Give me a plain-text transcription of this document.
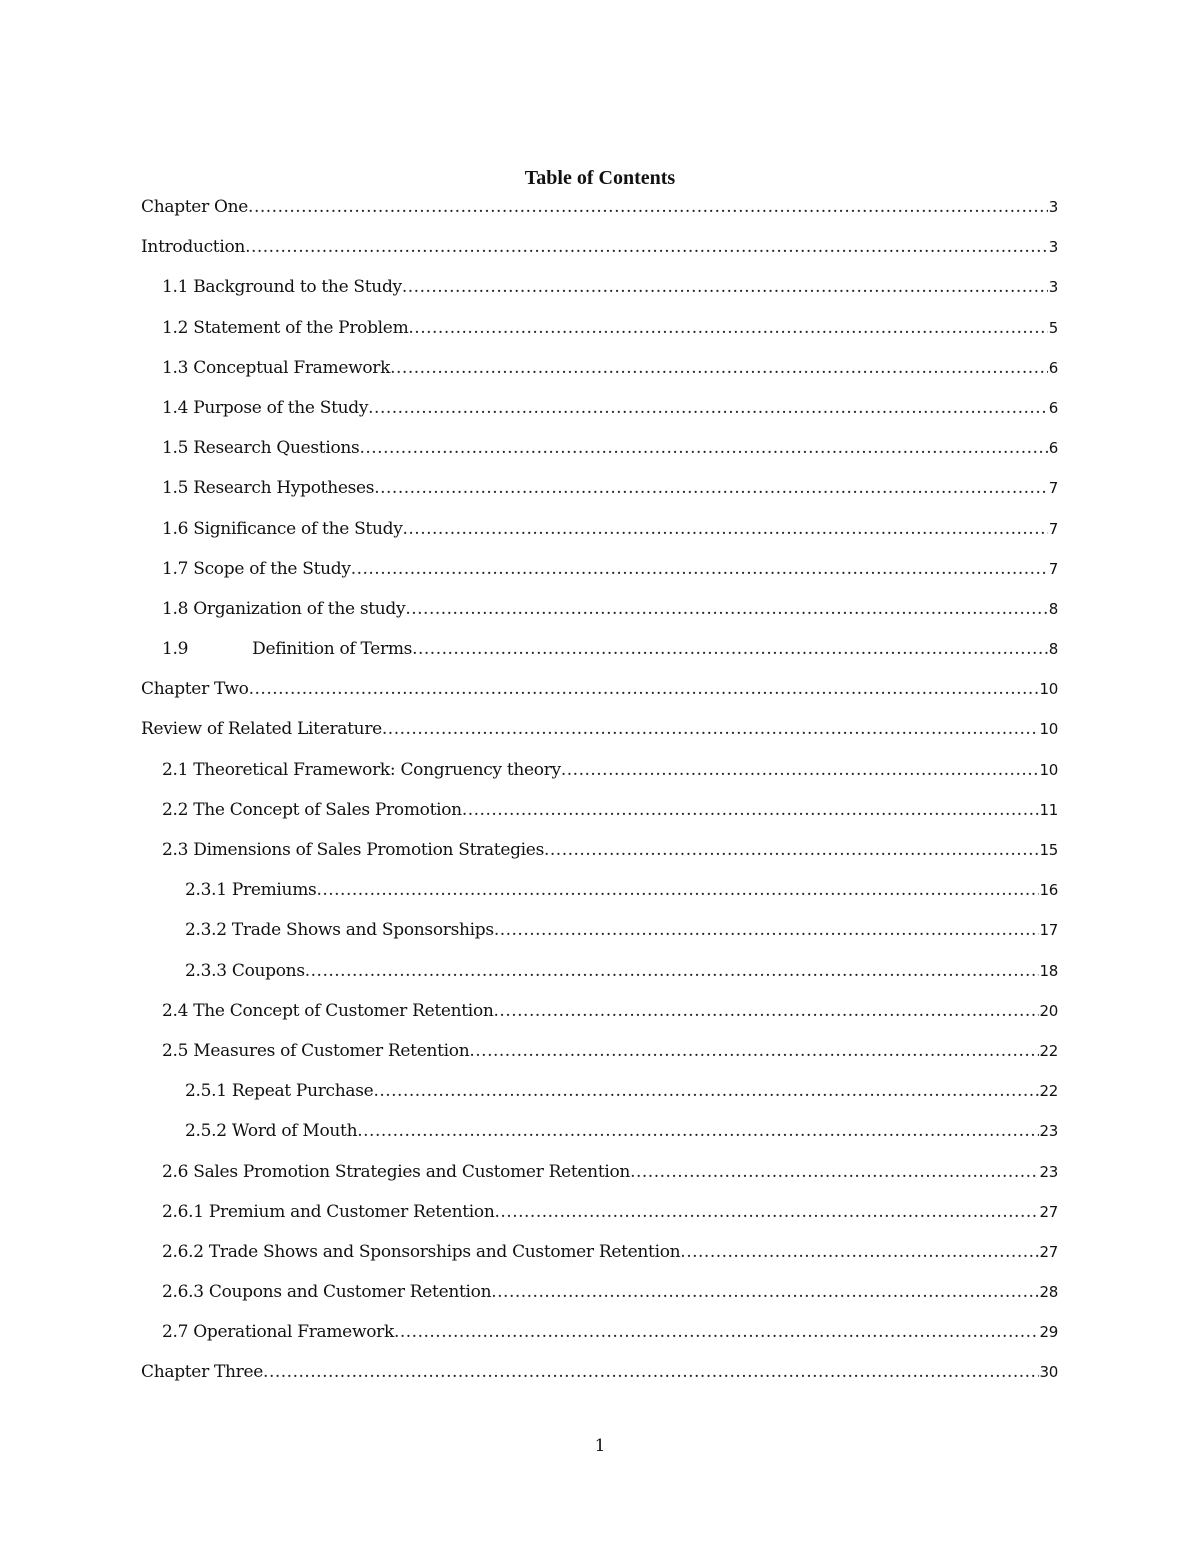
Table of Contents
Chapter One .....	3
Introduction .....	3
1.1 Background to the Study .....	3
1.2 Statement of the Problem .....	5
1.3 Conceptual Framework .....	6
1.4 Purpose of the Study .....	6
1.5 Research Questions .....	6
1.5 Research Hypotheses .....	7
1.6 Significance of the Study .....	7
1.7 Scope of the Study .....	7
1.8 Organization of the study .....	8
1.9	Definition of Terms .....	8
Chapter Two .....	10
Review of Related Literature .....	10
2.1 Theoretical Framework: Congruency theory .....	10
2.2 The Concept of Sales Promotion .....	11
2.3 Dimensions of Sales Promotion Strategies .....	15
2.3.1 Premiums .....	16
2.3.2 Trade Shows and Sponsorships .....	17
2.3.3 Coupons .....	18
2.4 The Concept of Customer Retention .....	20
2.5 Measures of Customer Retention .....	22
2.5.1 Repeat Purchase .....	22
2.5.2 Word of Mouth .....	23
2.6 Sales Promotion Strategies and Customer Retention .....	23
2.6.1 Premium and Customer Retention .....	27
2.6.2 Trade Shows and Sponsorships and Customer Retention .....	27
2.6.3 Coupons and Customer Retention .....	28
2.7 Operational Framework .....	29
Chapter Three .....	30
1
